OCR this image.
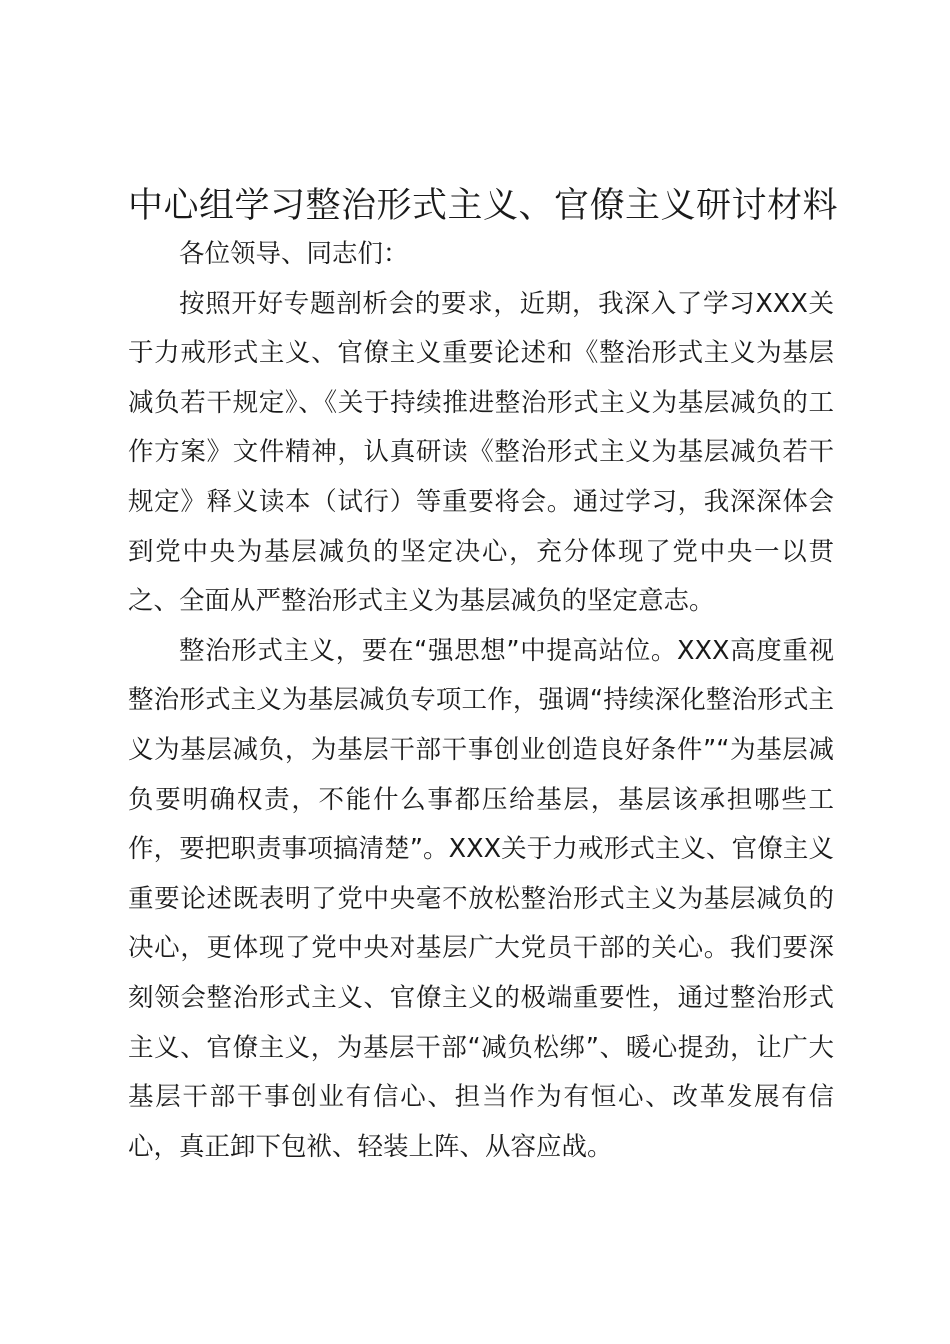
中心组学习整治形式主义、官僚主义研讨材料

各位领导、同志们：

按照开好专题剖析会的要求，近期，我深入了学习XXX关于力戒形式主义、官僚主义重要论述和《整治形式主义为基层减负若干规定》、《关于持续推进整治形式主义为基层减负的工作方案》文件精神，认真研读《整治形式主义为基层减负若干规定》释义读本（试行）等重要将会。通过学习，我深深体会到党中央为基层减负的坚定决心，充分体现了党中央一以贯之、全面从严整治形式主义为基层减负的坚定意志。

整治形式主义，要在“强思想”中提高站位。XXX高度重视整治形式主义为基层减负专项工作，强调“持续深化整治形式主义为基层减负，为基层干部干事创业创造良好条件”“为基层减负要明确权责，不能什么事都压给基层，基层该承担哪些工作，要把职责事项搞清楚”。XXX关于力戒形式主义、官僚主义重要论述既表明了党中央毫不放松整治形式主义为基层减负的决心，更体现了党中央对基层广大党员干部的关心。我们要深刻领会整治形式主义、官僚主义的极端重要性，通过整治形式主义、官僚主义，为基层干部“减负松绑”、暖心提劲，让广大基层干部干事创业有信心、担当作为有恒心、改革发展有信心，真正卸下包袱、轻装上阵、从容应战。
